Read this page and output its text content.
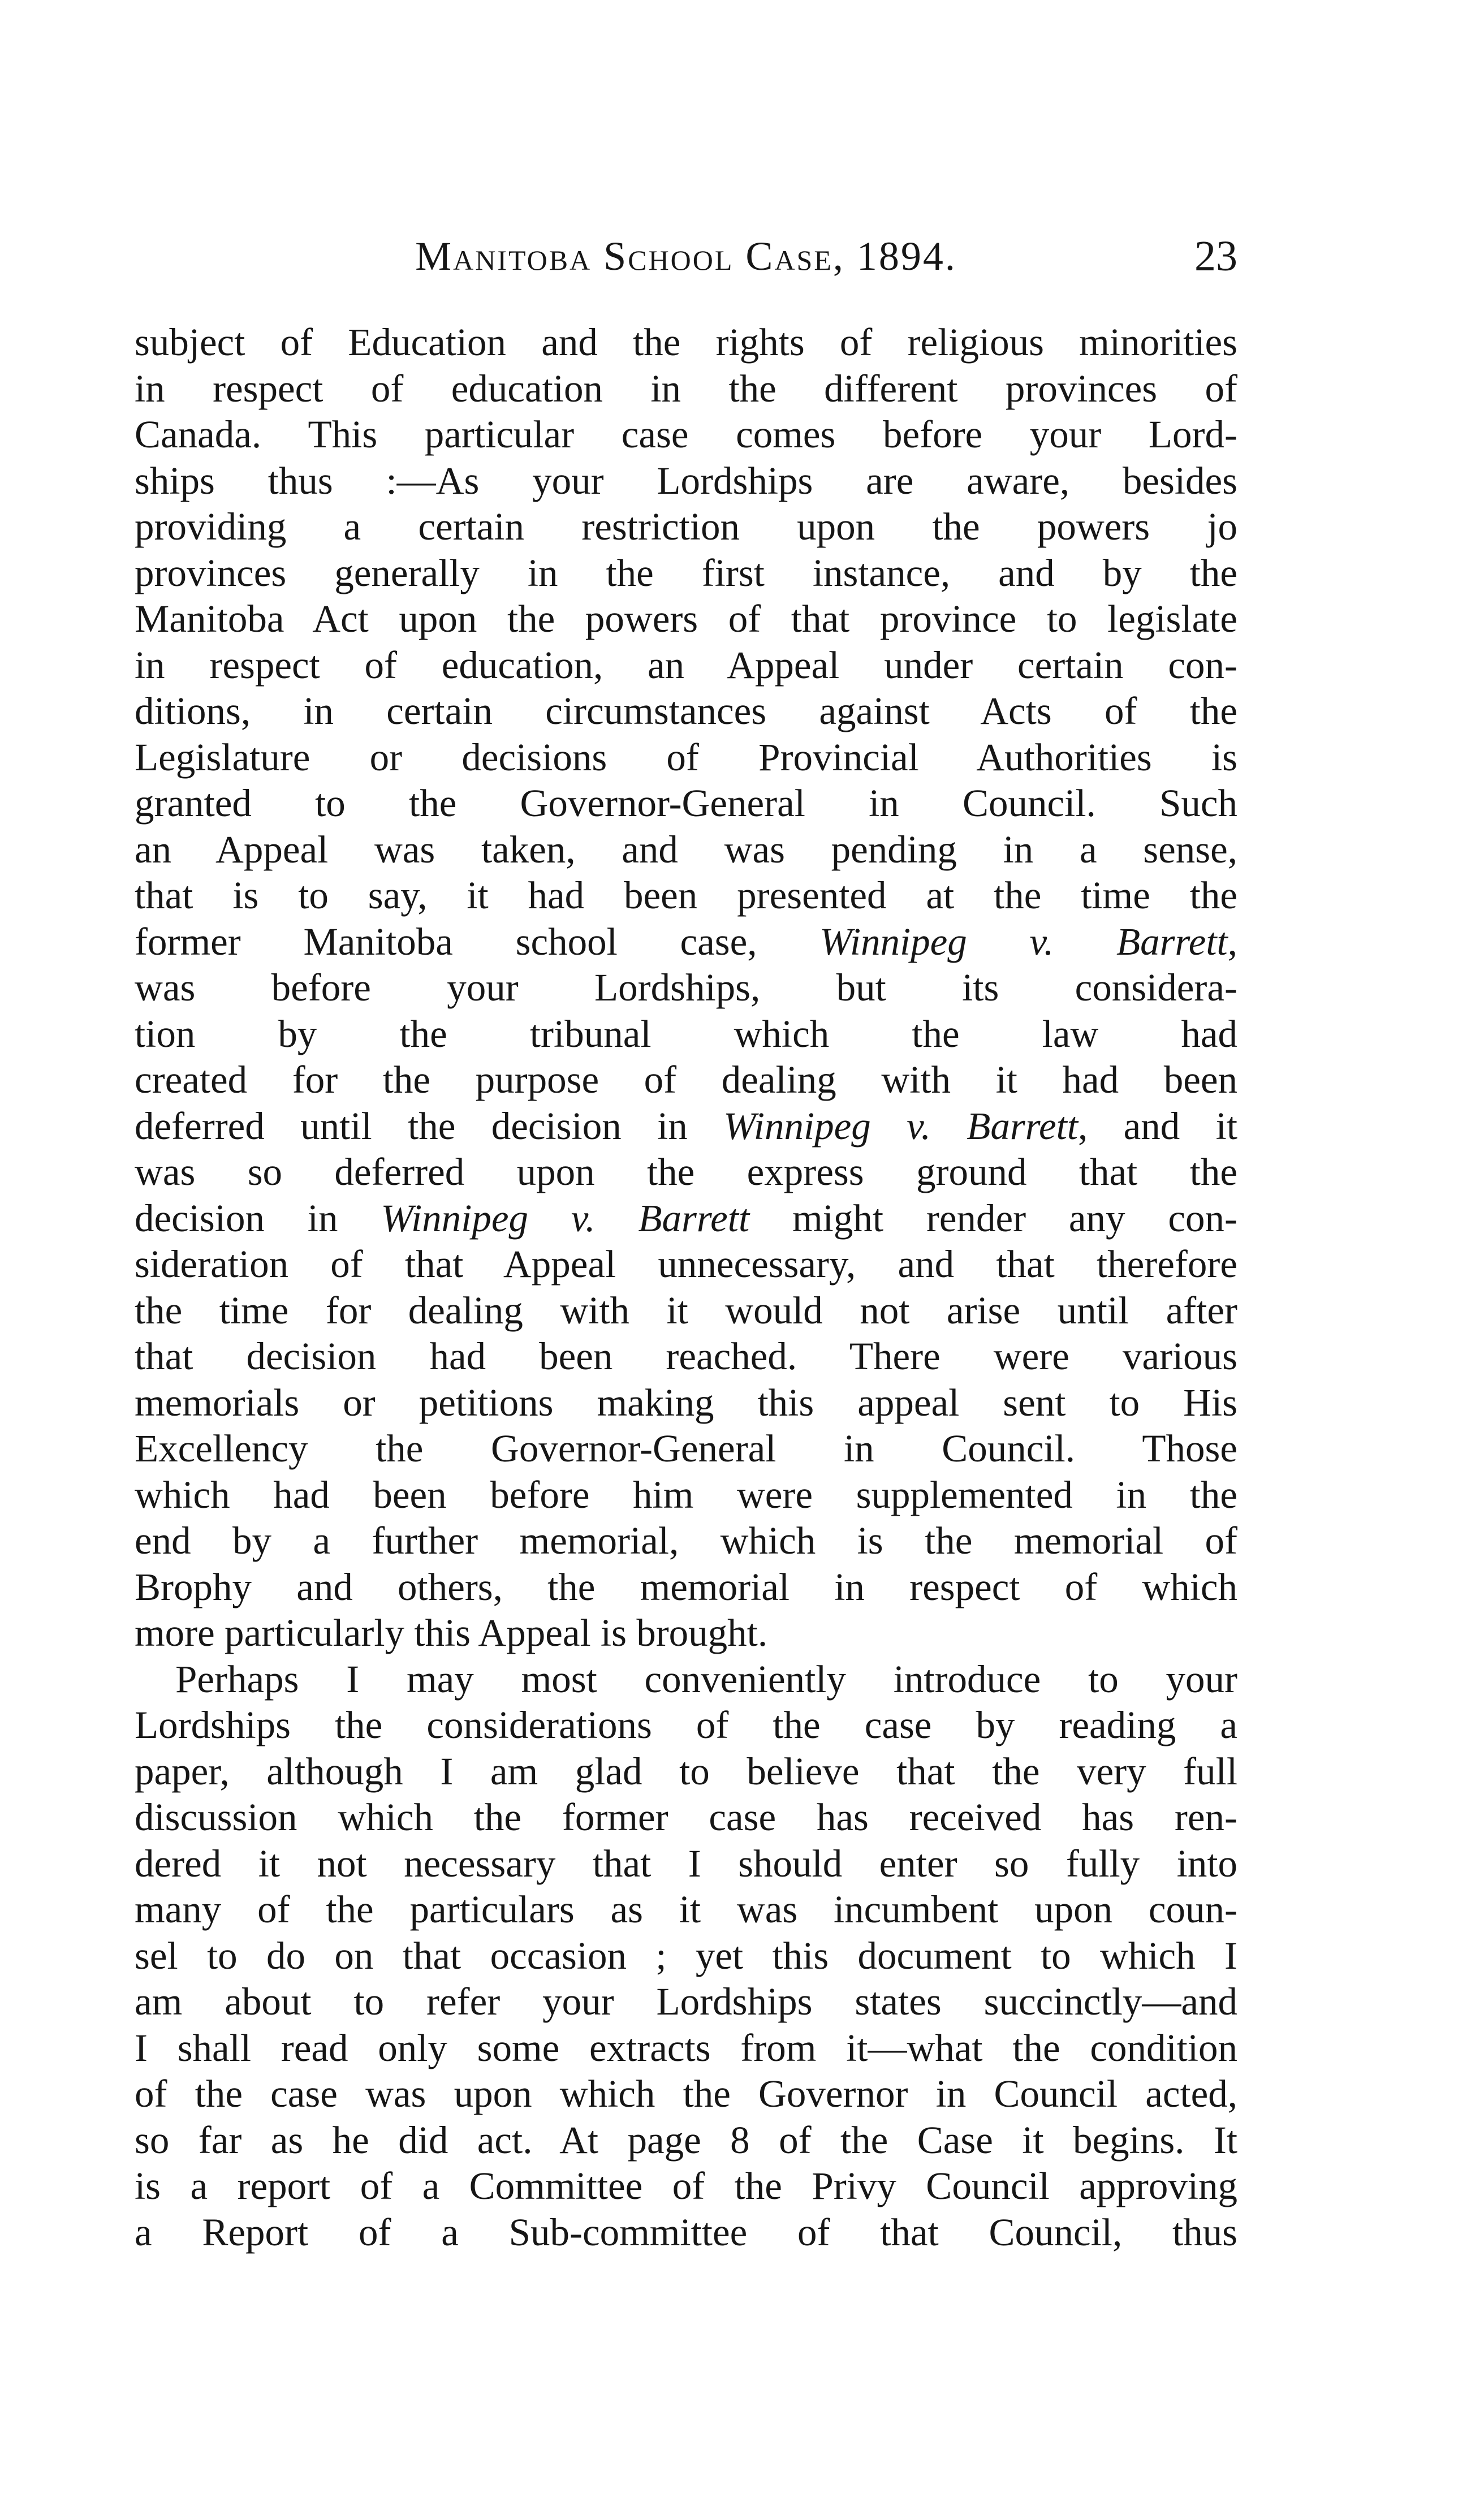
Manitoba School Case, 1894.	23
subject of Education and the rights of religious minorities
in respect of education in the different provinces of
Canada. This particular case comes before your Lord-
ships thus :—As your Lordships are aware, besides
providing a certain restriction upon the powers jo
provinces generally in the first instance, and by the
Manitoba Act upon the powers of that province to legislate
in respect of education, an Appeal under certain con-
ditions, in certain circumstances against Acts of the
Legislature or decisions of Provincial Authorities is
granted to the Governor-General in Council. Such
an Appeal was taken, and was pending in a sense,
that is to say, it had been presented at the time the
former Manitoba school case, Winnipeg v. Barrett,
was before your Lordships, but its considera-
tion by the tribunal which the law had
created for the purpose of dealing with it had been
deferred until the decision in Winnipeg v. Barrett, and it
was so deferred upon the express ground that the
decision in Winnipeg v. Barrett might render any con-
sideration of that Appeal unnecessary, and that therefore
the time for dealing with it would not arise until after
that decision had been reached. There were various
memorials or petitions making this appeal sent to His
Excellency the Governor-General in Council. Those
which had been before him were supplemented in the
end by a further memorial, which is the memorial of
Brophy and others, the memorial in respect of which
more particularly this Appeal is brought.
Perhaps I may most conveniently introduce to your
Lordships the considerations of the case by reading a
paper, although I am glad to believe that the very full
discussion which the former case has received has ren-
dered it not necessary that I should enter so fully into
many of the particulars as it was incumbent upon coun-
sel to do on that occasion ; yet this document to which I
am about to refer your Lordships states succinctly—and
I shall read only some extracts from it—what the condition
of the case was upon which the Governor in Council acted,
so far as he did act. At page 8 of the Case it begins. It
is a report of a Committee of the Privy Council approving
a Report of a Sub-committee of that Council, thus
